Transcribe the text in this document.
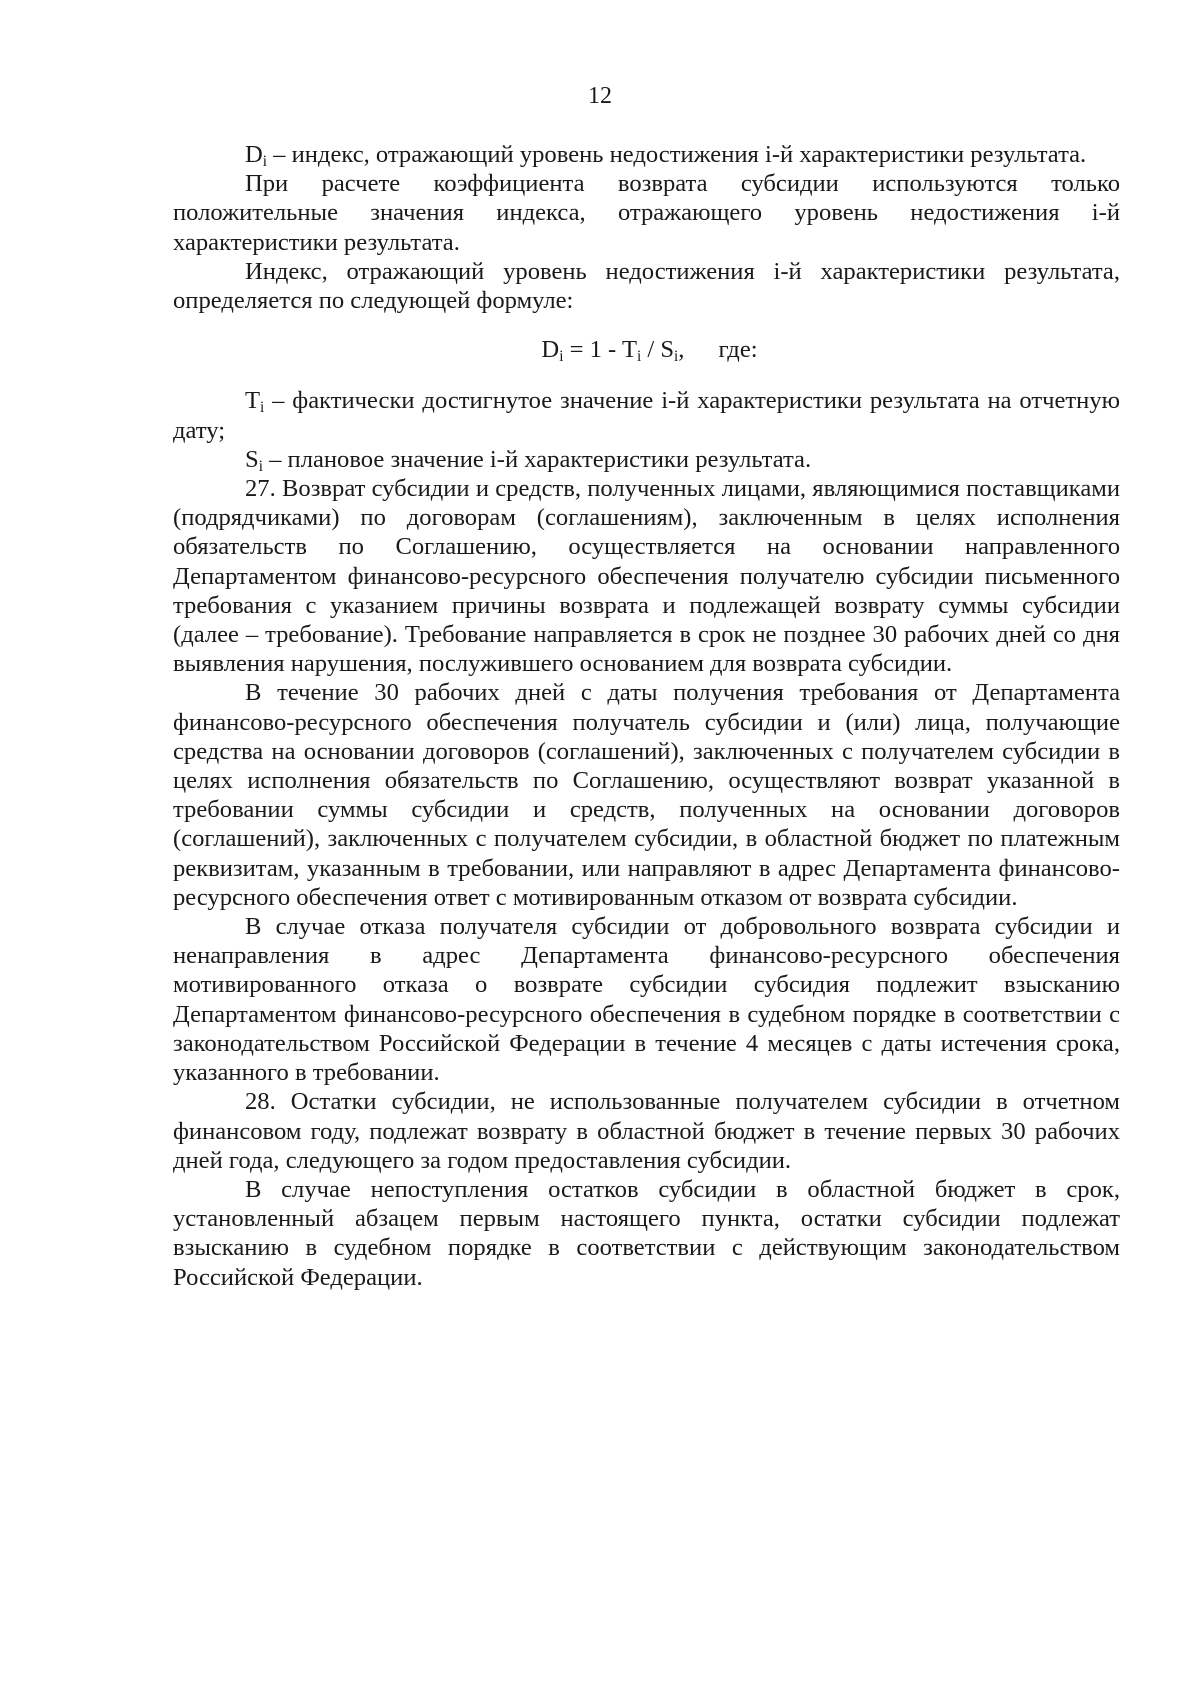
12

$D_i$ – индекс, отражающий уровень недостижения i-й характеристики результата.

При расчете коэффициента возврата субсидии используются только положительные значения индекса, отражающего уровень недостижения i-й характеристики результата.

Индекс, отражающий уровень недостижения i-й характеристики результата, определяется по следующей формуле:

$D_i = 1 - T_i / S_i$, где:

$T_i$ – фактически достигнутое значение i-й характеристики результата на отчетную дату;

$S_i$ – плановое значение i-й характеристики результата.

27. Возврат субсидии и средств, полученных лицами, являющимися поставщиками (подрядчиками) по договорам (соглашениям), заключенным в целях исполнения обязательств по Соглашению, осуществляется на основании направленного Департаментом финансово-ресурсного обеспечения получателю субсидии письменного требования с указанием причины возврата и подлежащей возврату суммы субсидии (далее – требование). Требование направляется в срок не позднее 30 рабочих дней со дня выявления нарушения, послужившего основанием для возврата субсидии.

В течение 30 рабочих дней с даты получения требования от Департамента финансово-ресурсного обеспечения получатель субсидии и (или) лица, получающие средства на основании договоров (соглашений), заключенных с получателем субсидии в целях исполнения обязательств по Соглашению, осуществляют возврат указанной в требовании суммы субсидии и средств, полученных на основании договоров (соглашений), заключенных с получателем субсидии, в областной бюджет по платежным реквизитам, указанным в требовании, или направляют в адрес Департамента финансово-ресурсного обеспечения ответ с мотивированным отказом от возврата субсидии.

В случае отказа получателя субсидии от добровольного возврата субсидии и ненаправления в адрес Департамента финансово-ресурсного обеспечения мотивированного отказа о возврате субсидии субсидия подлежит взысканию Департаментом финансово-ресурсного обеспечения в судебном порядке в соответствии с законодательством Российской Федерации в течение 4 месяцев с даты истечения срока, указанного в требовании.

28. Остатки субсидии, не использованные получателем субсидии в отчетном финансовом году, подлежат возврату в областной бюджет в течение первых 30 рабочих дней года, следующего за годом предоставления субсидии.

В случае непоступления остатков субсидии в областной бюджет в срок, установленный абзацем первым настоящего пункта, остатки субсидии подлежат взысканию в судебном порядке в соответствии с действующим законодательством Российской Федерации.
